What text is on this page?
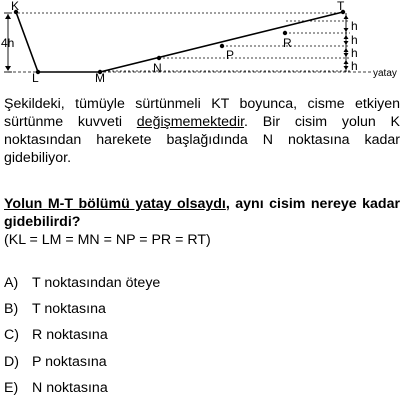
K
L	M
N
P
R
T
4h
h
h
h
h
yatay

Şekildeki, tümüyle sürtünmeli KT boyunca, cisme etkiyen sürtünme kuvveti değişmemektedir. Bir cisim yolun K noktasından harekete başlağıdında N noktasına kadar gidebiliyor.

Yolun M-T bölümü yatay olsaydı, aynı cisim nereye kadar gidebilirdi?

(KL = LM = MN = NP = PR = RT)
A) T noktasından öteye
B) T noktasına
C) R noktasına
D) P noktasına
E) N noktasına
